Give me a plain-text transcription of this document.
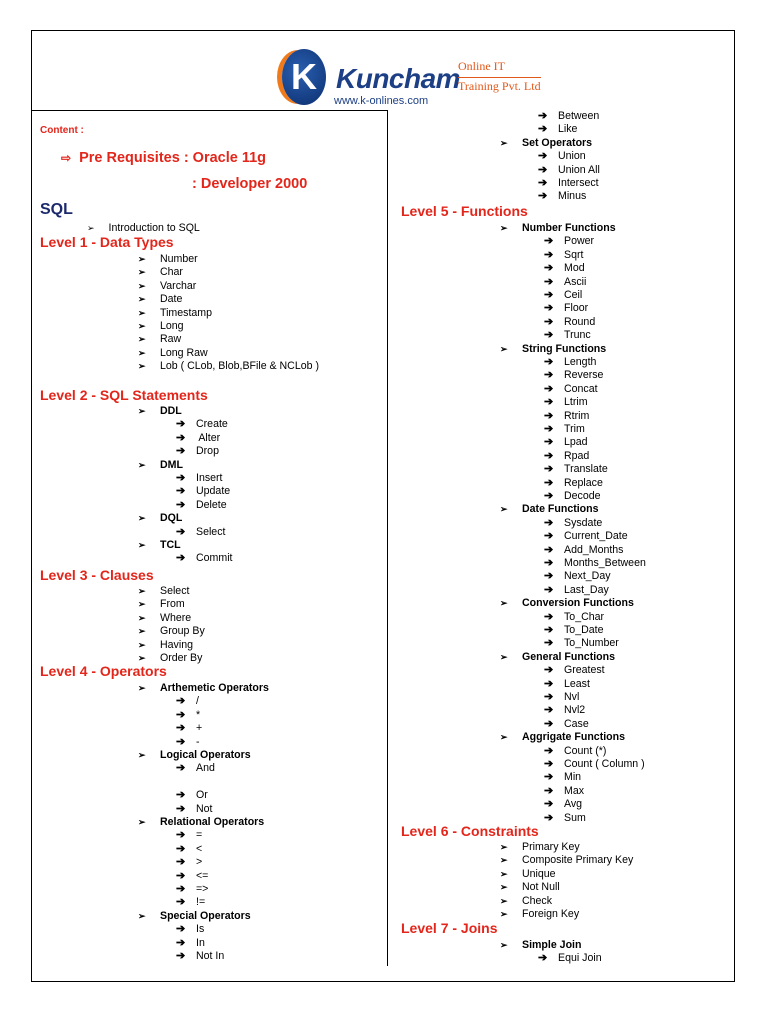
K Kuncham
Online IT
Training Pvt. Ltd
www.k-onlines.com
Content :
⇨ Pre Requisites : Oracle 11g
: Developer 2000
SQL
➢ Introduction to SQL
Level 1 - Data Types
➢ Number
➢ Char
➢ Varchar
➢ Date
➢ Timestamp
➢ Long
➢ Raw
➢ Long Raw
➢ Lob ( CLob, Blob,BFile & NCLob )
Level 2 - SQL Statements
➢ DDL
➔ Create
➔ Alter
➔ Drop
➢ DML
➔ Insert
➔ Update
➔ Delete
➢ DQL
➔ Select
➢ TCL
➔ Commit
Level 3 - Clauses
➢ Select
➢ From
➢ Where
➢ Group By
➢ Having
➢ Order By
Level 4 - Operators
➢ Arthemetic Operators
➔ /
➔ *
➔ +
➔ -
➢ Logical Operators
➔ And
➔ Or
➔ Not
➢ Relational Operators
➔ =
➔ <
➔ >
➔ <=
➔ =>
➔ !=
➢ Special Operators
➔ Is
➔ In
➔ Not In
➔ Between
➔ Like
➢ Set Operators
➔ Union
➔ Union All
➔ Intersect
➔ Minus
Level 5 - Functions
➢ Number Functions
➔ Power
➔ Sqrt
➔ Mod
➔ Ascii
➔ Ceil
➔ Floor
➔ Round
➔ Trunc
➢ String Functions
➔ Length
➔ Reverse
➔ Concat
➔ Ltrim
➔ Rtrim
➔ Trim
➔ Lpad
➔ Rpad
➔ Translate
➔ Replace
➔ Decode
➢ Date Functions
➔ Sysdate
➔ Current_Date
➔ Add_Months
➔ Months_Between
➔ Next_Day
➔ Last_Day
➢ Conversion Functions
➔ To_Char
➔ To_Date
➔ To_Number
➢ General Functions
➔ Greatest
➔ Least
➔ Nvl
➔ Nvl2
➔ Case
➢ Aggrigate Functions
➔ Count (*)
➔ Count ( Column )
➔ Min
➔ Max
➔ Avg
➔ Sum
Level 6 - Constraints
➢ Primary Key
➢ Composite Primary Key
➢ Unique
➢ Not Null
➢ Check
➢ Foreign Key
Level 7 - Joins
➢ Simple Join
➔ Equi Join
